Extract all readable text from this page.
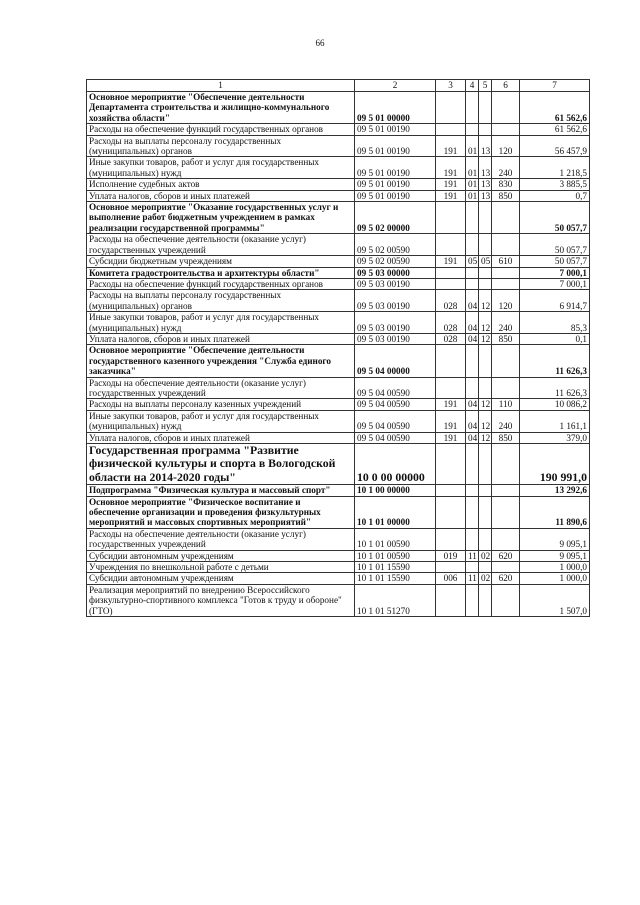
66
1	2	3	4	5	6	7
Основное мероприятие "Обеспечение деятельности Департамента строительства и жилищно-коммунального хозяйства области"	09 5 01 00000					61 562,6
Расходы на обеспечение функций государственных органов	09 5 01 00190					61 562,6
Расходы на выплаты персоналу государственных (муниципальных) органов	09 5 01 00190	191	01	13	120	56 457,9
Иные закупки товаров, работ и услуг для государственных (муниципальных) нужд	09 5 01 00190	191	01	13	240	1 218,5
Исполнение судебных актов	09 5 01 00190	191	01	13	830	3 885,5
Уплата налогов, сборов и иных платежей	09 5 01 00190	191	01	13	850	0,7
Основное мероприятие "Оказание государственных услуг и выполнение работ бюджетным учреждением в рамках реализации государственной программы"	09 5 02 00000					50 057,7
Расходы на обеспечение деятельности (оказание услуг) государственных учреждений	09 5 02 00590					50 057,7
Субсидии бюджетным учреждениям	09 5 02 00590	191	05	05	610	50 057,7
Комитета градостроительства и архитектуры области"	09 5 03 00000					7 000,1
Расходы на обеспечение функций государственных органов	09 5 03 00190					7 000,1
Расходы на выплаты персоналу государственных (муниципальных) органов	09 5 03 00190	028	04	12	120	6 914,7
Иные закупки товаров, работ и услуг для государственных (муниципальных) нужд	09 5 03 00190	028	04	12	240	85,3
Уплата налогов, сборов и иных платежей	09 5 03 00190	028	04	12	850	0,1
Основное мероприятие "Обеспечение деятельности государственного казенного учреждения "Служба единого заказчика"	09 5 04 00000					11 626,3
Расходы на обеспечение деятельности (оказание услуг) государственных учреждений	09 5 04 00590					11 626,3
Расходы на выплаты персоналу казенных учреждений	09 5 04 00590	191	04	12	110	10 086,2
Иные закупки товаров, работ и услуг для государственных (муниципальных) нужд	09 5 04 00590	191	04	12	240	1 161,1
Уплата налогов, сборов и иных платежей	09 5 04 00590	191	04	12	850	379,0
Государственная программа "Развитие физической культуры и спорта в Вологодской области на 2014-2020 годы"	10 0 00 00000					190 991,0
Подпрограмма "Физическая культура и массовый спорт"	10 1 00 00000					13 292,6
Основное мероприятие "Физическое воспитание и обеспечение организации и проведения физкультурных мероприятий и массовых спортивных мероприятий"	10 1 01 00000					11 890,6
Расходы на обеспечение деятельности (оказание услуг) государственных учреждений	10 1 01 00590					9 095,1
Субсидии автономным учреждениям	10 1 01 00590	019	11	02	620	9 095,1
Учреждения по внешкольной работе с детьми	10 1 01 15590					1 000,0
Субсидии автономным учреждениям	10 1 01 15590	006	11	02	620	1 000,0
Реализация мероприятий по внедрению Всероссийского физкультурно-спортивного комплекса "Готов к труду и обороне" (ГТО)	10 1 01 51270					1 507,0
